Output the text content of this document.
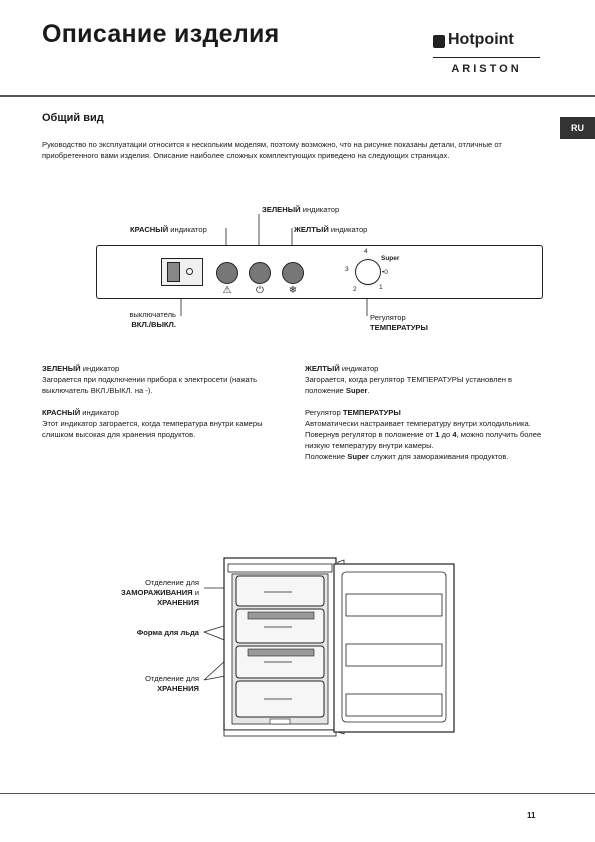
Описание изделия	Hotpoint
ARISTON
Общий вид
RU
Руководство по эксплуатации относится к нескольким моделям, поэтому возможно, что на рисунке показаны детали, отличные от приобретенного вами изделия. Описание наиболее сложных комплектующих приведено на следующих страницах.
ЗЕЛЕНЫЙ индикатор
КРАСНЫЙ индикатор	ЖЕЛТЫЙ индикатор
⚠	⏻	❄
4
Super
3	•0
2	1
выключатель
ВКЛ./ВЫКЛ.
Регулятор
ТЕМПЕРАТУРЫ
ЗЕЛЕНЫЙ индикатор
Загорается при подключении прибора к электросети (нажать выключатель ВКЛ./ВЫКЛ. на -).
КРАСНЫЙ индикатор
Этот индикатор загорается, когда температура внутри камеры слишком высокая для хранения продуктов.
ЖЕЛТЫЙ индикатор
Загорается, когда регулятор ТЕМПЕРАТУРЫ установлен в положение Super.
Регулятор ТЕМПЕРАТУРЫ
Автоматически настраивает температуру внутри холодильника.
Повернув регулятор в положение от 1 до 4, можно получить более низкую температуру внутри камеры.
Положение Super служит для замораживания продуктов.
Отделение для
ЗАМОРАЖИВАНИЯ и
ХРАНЕНИЯ
Форма для льда
Отделение для
ХРАНЕНИЯ
11
